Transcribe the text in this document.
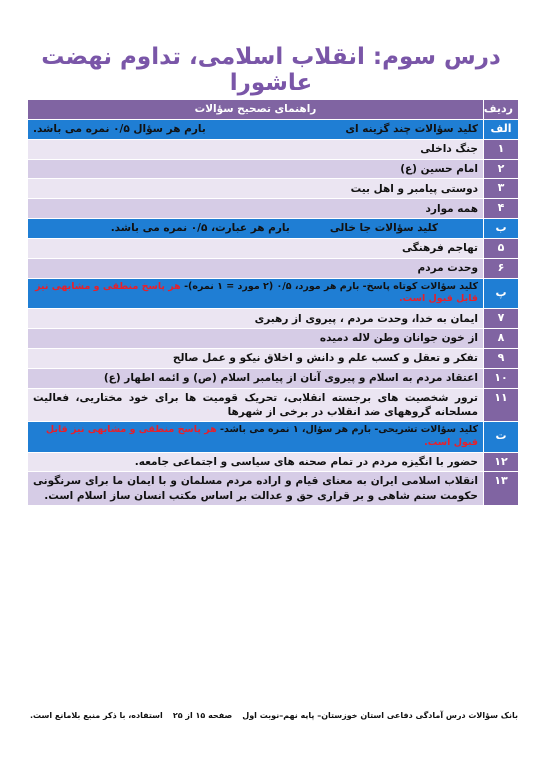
درس سوم: انقلاب اسلامی، تداوم نهضت عاشورا
ردیف	راهنمای تصحیح سؤالات
الف	کلید سؤالات چند گزینه ای
بارم هر سؤال ۰/۵ نمره می باشد.

۱	جنگ داخلی
۲	امام حسین (ع)
۳	دوستی پیامبر و اهل بیت
۴	همه موارد
ب	کلید سؤالات جا خالی
بارم هر عبارت، ۰/۵ نمره می باشد.

۵	تهاجم فرهنگی
۶	وحدت مردم
پ	کلید سؤالات کوتاه پاسخ- بارم هر مورد، ۰/۵ (۲ مورد = ۱ نمره)- هر پاسخ منطقی و مشابهی نیز قابل قبول است.
۷	ایمان به خدا، وحدت مردم ، پیروی از رهبری
۸	از خون جوانان وطن لاله دمیده
۹	تفکر و تعقل و کسب علم و دانش و اخلاق نیکو و عمل صالح
۱۰	اعتقاد مردم به اسلام و پیروی آنان از پیامبر اسلام (ص) و ائمه اطهار (ع)
۱۱	ترور شخصیت های برجسته انقلابی، تحریک قومیت ها برای خود مختاریی، فعالیت مسلحانه گروههای ضد انقلاب در برخی از شهرها
ت	کلید سؤالات تشریحی- بارم هر سؤال، ۱ نمره می باشد- هر پاسخ منطقی و مشابهی نیز قابل قبول است.
۱۲	حضور با انگیزه مردم در تمام صحنه های سیاسی و اجتماعی جامعه.
۱۳	انقلاب اسلامی ایران به معنای قیام و اراده مردم مسلمان و با ایمان ما برای سرنگونی حکومت ستم شاهی و بر قراری حق و عدالت بر اساس مکتب انسان ساز اسلام است.
بانک سؤالات درس آمادگی دفاعی استان خوزستان– پایه نهم–نوبت اول
صفحه ۱۵ از ۲۵
استفاده، با ذکر منبع بلامانع است.
